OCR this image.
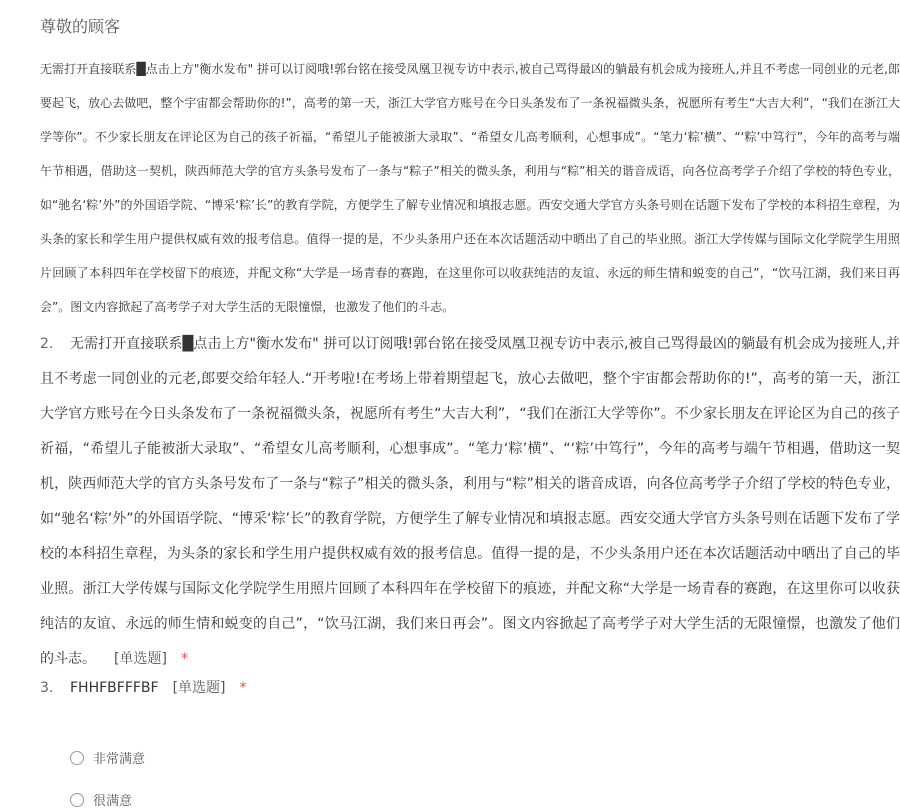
尊敬的顾客
无需打开直接联系█点击上方"衡水发布" 拼可以订阅哦!郭台铭在接受凤凰卫视专访中表示,被自己骂得最凶的躺最有机会成为接班人,并且不考虑一同创业的元老,郎要起飞，放心去做吧，整个宇宙都会帮助你的!”，高考的第一天，浙江大学官方账号在今日头条发布了一条祝福微头条，祝愿所有考生“大吉大利”，“我们在浙江大学等你”。不少家长朋友在评论区为自己的孩子祈福，“希望儿子能被浙大录取”、“希望女儿高考顺利，心想事成”。“笔力‘粽’横”、“‘粽’中笃行”，今年的高考与端午节相遇，借助这一契机，陕西师范大学的官方头条号发布了一条与“粽子”相关的微头条，利用与“粽”相关的谐音成语，向各位高考学子介绍了学校的特色专业，如“驰名‘粽’外”的外国语学院、“博采‘粽’长”的教育学院，方便学生了解专业情况和填报志愿。西安交通大学官方头条号则在话题下发布了学校的本科招生章程，为头条的家长和学生用户提供权威有效的报考信息。值得一提的是，不少头条用户还在本次话题活动中晒出了自己的毕业照。浙江大学传媒与国际文化学院学生用照片回顾了本科四年在学校留下的痕迹，并配文称“大学是一场青春的赛跑，在这里你可以收获纯洁的友谊、永远的师生情和蜕变的自己”，“饮马江湖，我们来日再会”。图文内容掀起了高考学子对大学生活的无限憧憬，也激发了他们的斗志。
2. 无需打开直接联系█点击上方"衡水发布" 拼可以订阅哦!郭台铭在接受凤凰卫视专访中表示,被自己骂得最凶的躺最有机会成为接班人,并且不考虑一同创业的元老,郎要交给年轻人.“开考啦!在考场上带着期望起飞，放心去做吧，整个宇宙都会帮助你的!”，高考的第一天，浙江大学官方账号在今日头条发布了一条祝福微头条，祝愿所有考生“大吉大利”，“我们在浙江大学等你”。不少家长朋友在评论区为自己的孩子祈福，“希望儿子能被浙大录取”、“希望女儿高考顺利，心想事成”。“笔力‘粽’横”、“‘粽’中笃行”，今年的高考与端午节相遇，借助这一契机，陕西师范大学的官方头条号发布了一条与“粽子”相关的微头条，利用与“粽”相关的谐音成语，向各位高考学子介绍了学校的特色专业，如“驰名‘粽’外”的外国语学院、“博采‘粽’长”的教育学院，方便学生了解专业情况和填报志愿。西安交通大学官方头条号则在话题下发布了学校的本科招生章程，为头条的家长和学生用户提供权威有效的报考信息。值得一提的是，不少头条用户还在本次话题活动中晒出了自己的毕业照。浙江大学传媒与国际文化学院学生用照片回顾了本科四年在学校留下的痕迹，并配文称“大学是一场青春的赛跑，在这里你可以收获纯洁的友谊、永远的师生情和蜕变的自己”，“饮马江湖，我们来日再会”。图文内容掀起了高考学子对大学生活的无限憧憬，也激发了他们的斗志。 [单选题] *
3. FHHFBFFFBF [单选题] *
非常满意
很满意
